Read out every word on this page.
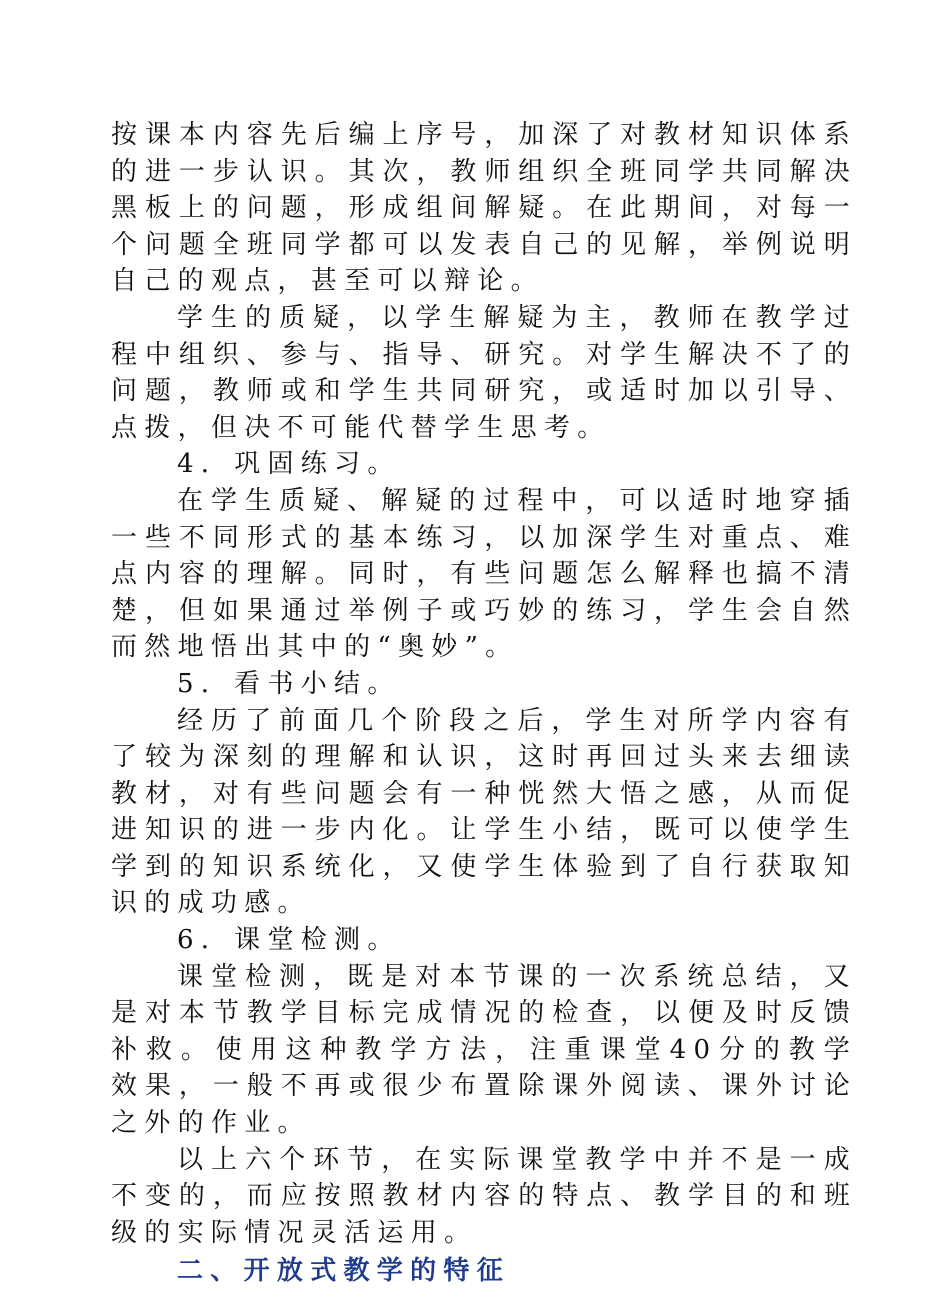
按课本内容先后编上序号，加深了对教材知识体系的进一步认识。其次，教师组织全班同学共同解决黑板上的问题，形成组间解疑。在此期间，对每一个问题全班同学都可以发表自己的见解，举例说明自己的观点，甚至可以辩论。

学生的质疑，以学生解疑为主，教师在教学过程中组织、参与、指导、研究。对学生解决不了的问题，教师或和学生共同研究，或适时加以引导、点拨，但决不可能代替学生思考。

4．巩固练习。

在学生质疑、解疑的过程中，可以适时地穿插一些不同形式的基本练习，以加深学生对重点、难点内容的理解。同时，有些问题怎么解释也搞不清楚，但如果通过举例子或巧妙的练习，学生会自然而然地悟出其中的“奥妙”。

5．看书小结。

经历了前面几个阶段之后，学生对所学内容有了较为深刻的理解和认识，这时再回过头来去细读教材，对有些问题会有一种恍然大悟之感，从而促进知识的进一步内化。让学生小结，既可以使学生学到的知识系统化，又使学生体验到了自行获取知识的成功感。

6．课堂检测。

课堂检测，既是对本节课的一次系统总结，又是对本节教学目标完成情况的检查，以便及时反馈补救。使用这种教学方法，注重课堂40分的教学效果，一般不再或很少布置除课外阅读、课外讨论之外的作业。

以上六个环节，在实际课堂教学中并不是一成不变的，而应按照教材内容的特点、教学目的和班级的实际情况灵活运用。

二、开放式教学的特征
